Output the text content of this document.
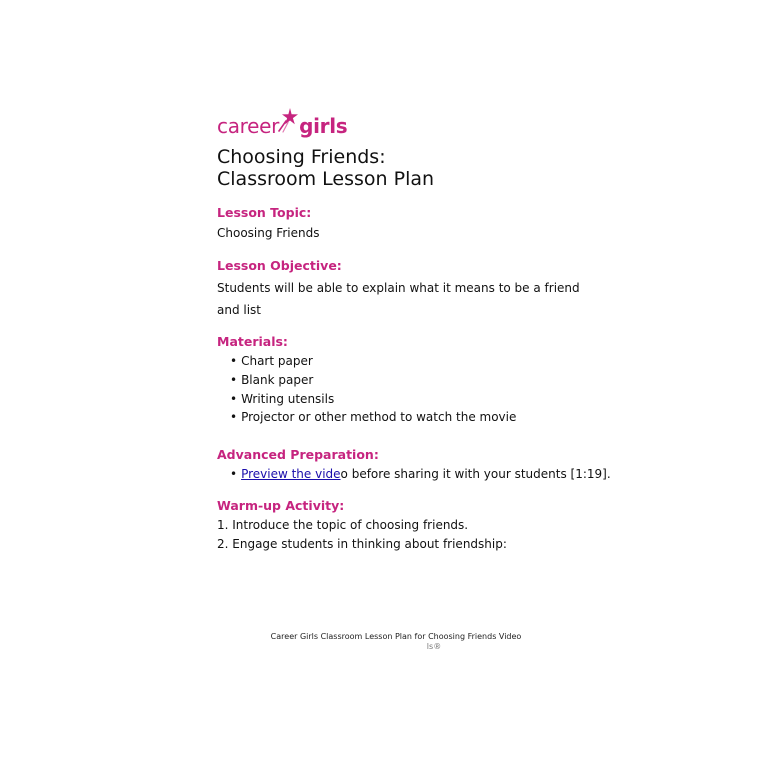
career girls
Choosing Friends:
Classroom Lesson Plan
Lesson Topic:
Choosing Friends
Lesson Objective:
Students will be able to explain what it means to be a friend
and list
Materials:
• Chart paper
• Blank paper
• Writing utensils
• Projector or other method to watch the movie
Advanced Preparation:
• Preview the video before sharing it with your students [1:19].
Warm-up Activity:
1. Introduce the topic of choosing friends.
2. Engage students in thinking about friendship:
Career Girls Classroom Lesson Plan for Choosing Friends Video
ls®
